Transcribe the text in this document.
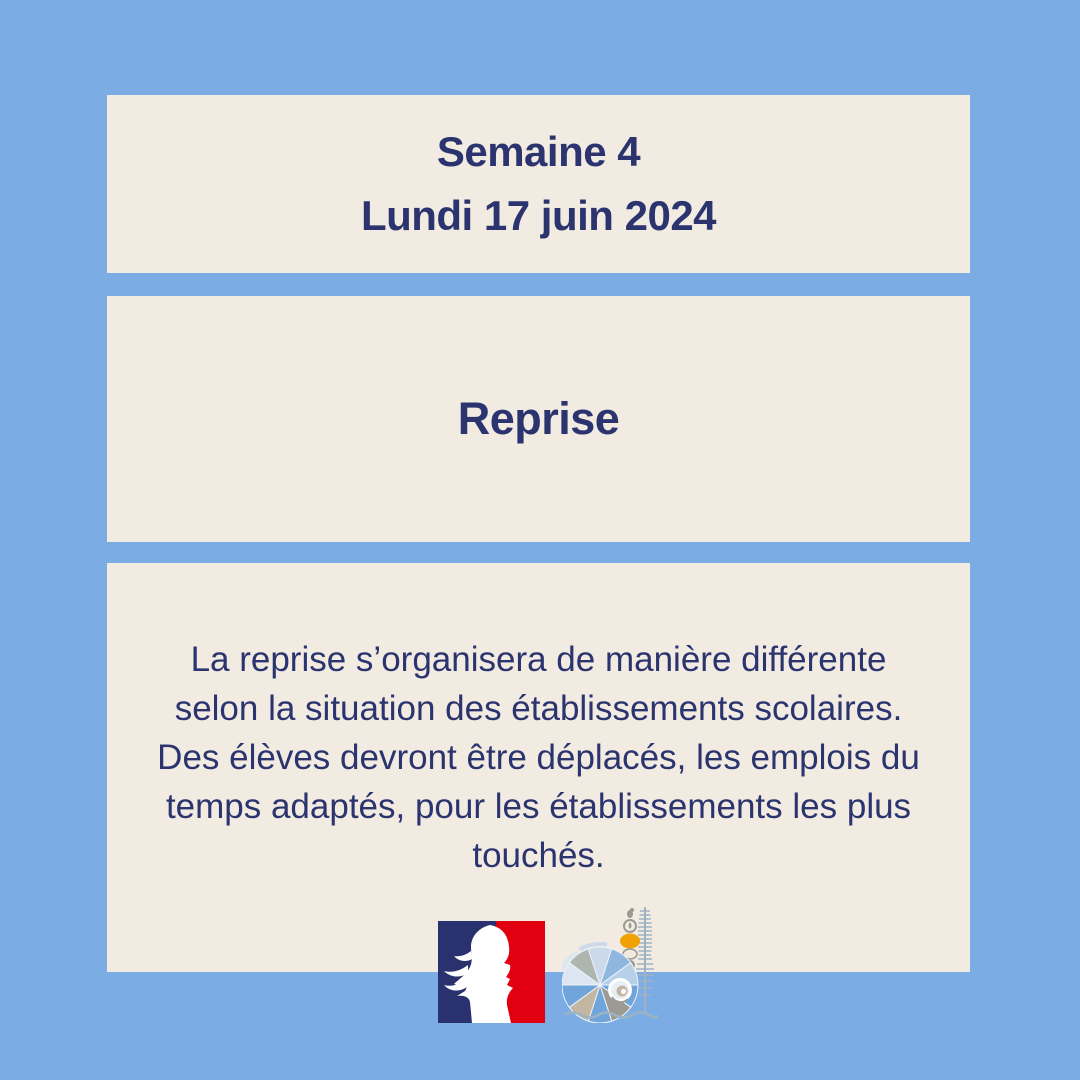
Semaine 4
Lundi 17 juin 2024
Reprise

La reprise s’organisera de manière différente

selon la situation des établissements scolaires.

Des élèves devront être déplacés, les emplois du

temps adaptés, pour les établissements les plus

touchés.
